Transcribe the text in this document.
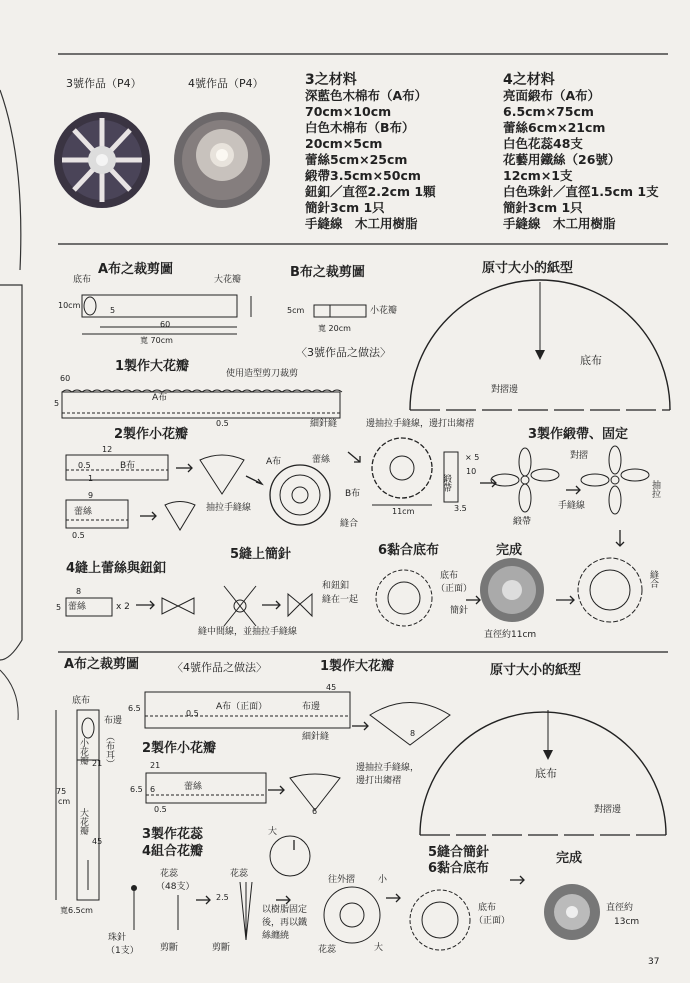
3號作品（P4）	4號作品（P4）	3之材料
深藍色木棉布（A布）
70cm×10cm
白色木棉布（B布）
20cm×5cm
蕾絲5cm×25cm
緞帶3.5cm×50cm
鈕釦／直徑2.2cm 1顆
簡針3cm 1只
手縫線　木工用樹脂
4之材料
亮面緞布（A布）
6.5cm×75cm
蕾絲6cm×21cm
白色花蕊48支
花藝用鐵絲（26號）
12cm×1支
白色珠針／直徑1.5cm 1支
簡針3cm 1只
手縫線　木工用樹脂
A布之裁剪圖	B布之裁剪圖	原寸大小的紙型
〈3號作品之做法〉
底布	大花瓣
10cm
5
60
寬 70cm
5cm
寬 20cm
小花瓣
底布
對摺邊
1製作大花瓣	使用造型剪刀裁剪
60
5
0.5
A布
2製作小花瓣
細針縫	邊抽拉手縫線，邊打出縐褶
B布
12
0.5
1
9
蕾絲
0.5
抽拉手縫線
A布	蕾絲
B布
縫合
11cm
× 5
10
緞帶
3.5
3製作緞帶、固定
對摺
手縫線
緞帶
抽拉
4縫上蕾絲與鈕釦
8
蕾絲	x 2
5
5縫上簡針
和鈕釦
縫在一起
縫中間線，並抽拉手縫線
6黏合底布	完成
底布
（正面）
簡針
直徑約11cm
縫合
A布之裁剪圖	〈4號作品之做法〉	1製作大花瓣	原寸大小的紙型
底布
布邊
（布耳）
小花瓣
大花瓣
21
45
75
cm
寬6.5cm
6.5
0.5
A布（正面）	布邊
45
細針縫	8
2製作小花瓣
21
6.5 6	蕾絲
0.5
邊抽拉手縫線，
邊打出縐褶
6
底布
對摺邊
3製作花蕊
4組合花瓣
大
花蕊
（48支）
花蕊
2.5
以樹脂固定
後，再以鐵
絲纏繞
珠針
（1支） 剪斷	剪斷
往外摺	小
花蕊	大
5縫合簡針
6黏合底布
完成
底布
（正面）
直徑約
13cm
37
